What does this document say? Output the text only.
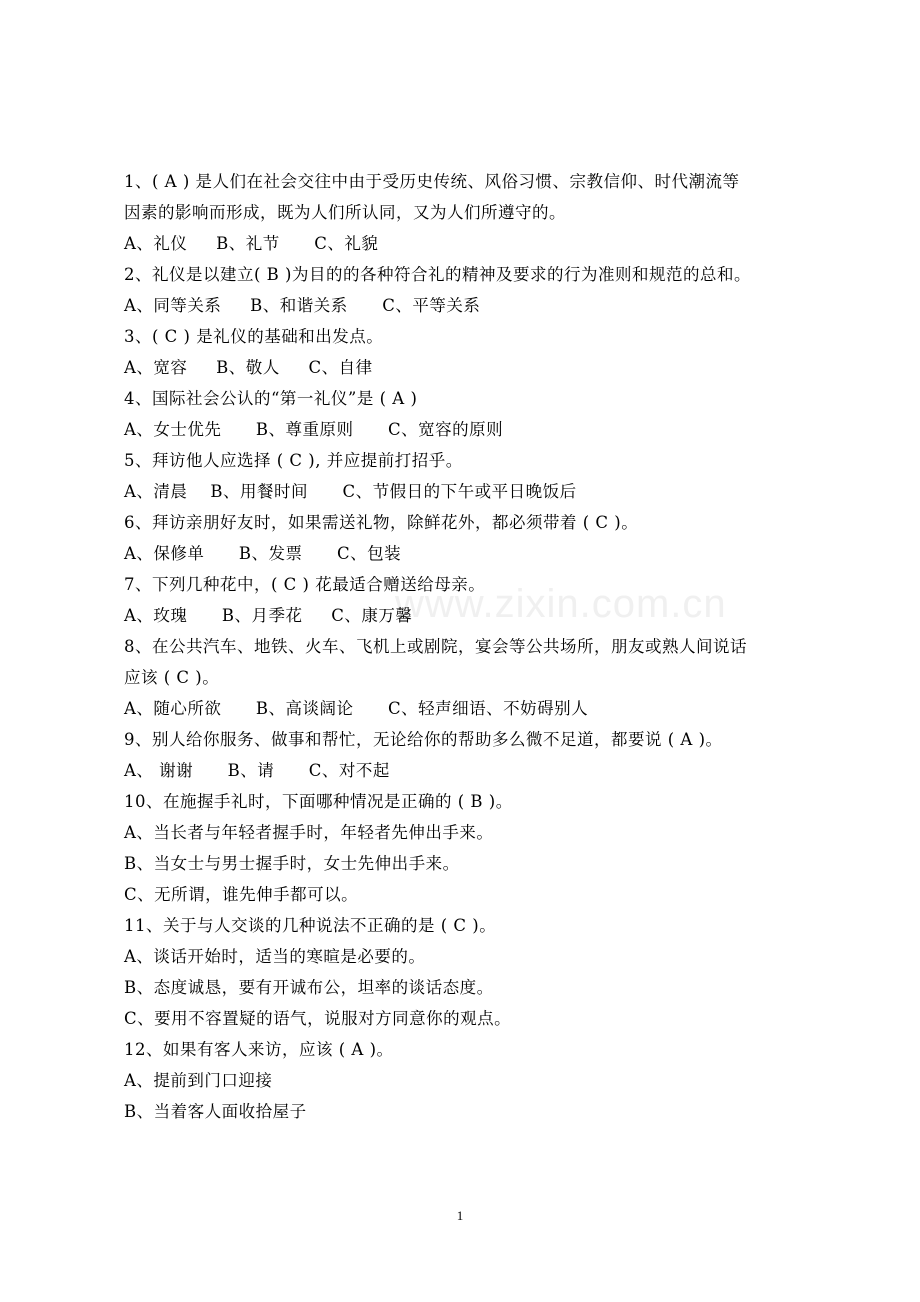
www.zixin.com.cn
1、( A ) 是人们在社会交往中由于受历史传统、风俗习惯、宗教信仰、时代潮流等
因素的影响而形成，既为人们所认同，又为人们所遵守的。
A、礼仪     B、礼节      C、礼貌
2、礼仪是以建立( B )为目的的各种符合礼的精神及要求的行为准则和规范的总和。
A、同等关系     B、和谐关系      C、平等关系
3、( C ) 是礼仪的基础和出发点。
A、宽容     B、敬人     C、自律
4、国际社会公认的“第一礼仪”是 ( A )
A、女士优先      B、尊重原则      C、宽容的原则
5、拜访他人应选择 ( C ), 并应提前打招乎。
A、清晨    B、用餐时间      C、节假日的下午或平日晚饭后
6、拜访亲朋好友时，如果需送礼物，除鲜花外，都必须带着 ( C )。
A、保修单      B、发票      C、包装
7、下列几种花中，( C ) 花最适合赠送给母亲。
A、玫瑰      B、月季花     C、康万馨
8、在公共汽车、地铁、火车、飞机上或剧院，宴会等公共场所，朋友或熟人间说话
应该 ( C )。
A、随心所欲      B、高谈阔论      C、轻声细语、不妨碍别人
9、别人给你服务、做事和帮忙，无论给你的帮助多么微不足道，都要说 ( A )。
A、 谢谢      B、请      C、对不起
10、在施握手礼时，下面哪种情况是正确的 ( B )。
A、当长者与年轻者握手时，年轻者先伸出手来。
B、当女士与男士握手时，女士先伸出手来。
C、无所谓，谁先伸手都可以。
11、关于与人交谈的几种说法不正确的是 ( C )。
A、谈话开始时，适当的寒暄是必要的。
B、态度诚恳，要有开诚布公，坦率的谈话态度。
C、要用不容置疑的语气，说服对方同意你的观点。
12、如果有客人来访，应该 ( A )。
A、提前到门口迎接
B、当着客人面收拾屋子
1
